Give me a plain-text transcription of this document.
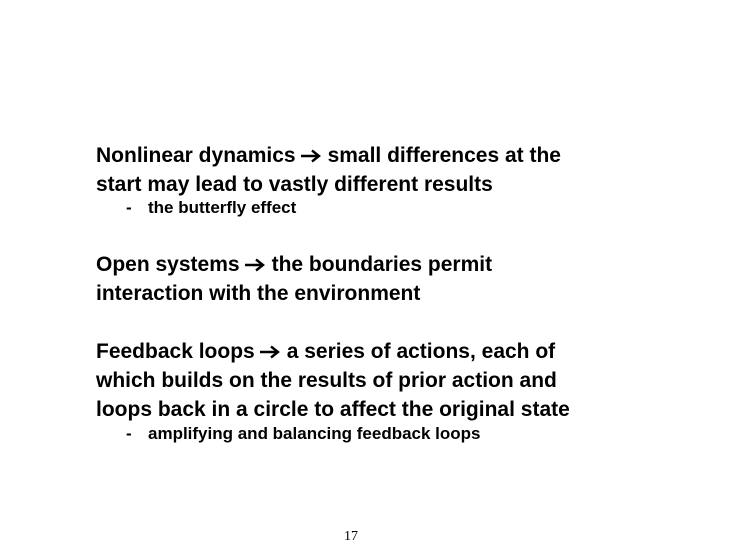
Nonlinear dynamics small differences at the
start may lead to vastly different results
- the butterfly effect
Open systems the boundaries permit
interaction with the environment
Feedback loops a series of actions, each of
which builds on the results of prior action and
loops back in a circle to affect the original state
- amplifying and balancing feedback loops
17
